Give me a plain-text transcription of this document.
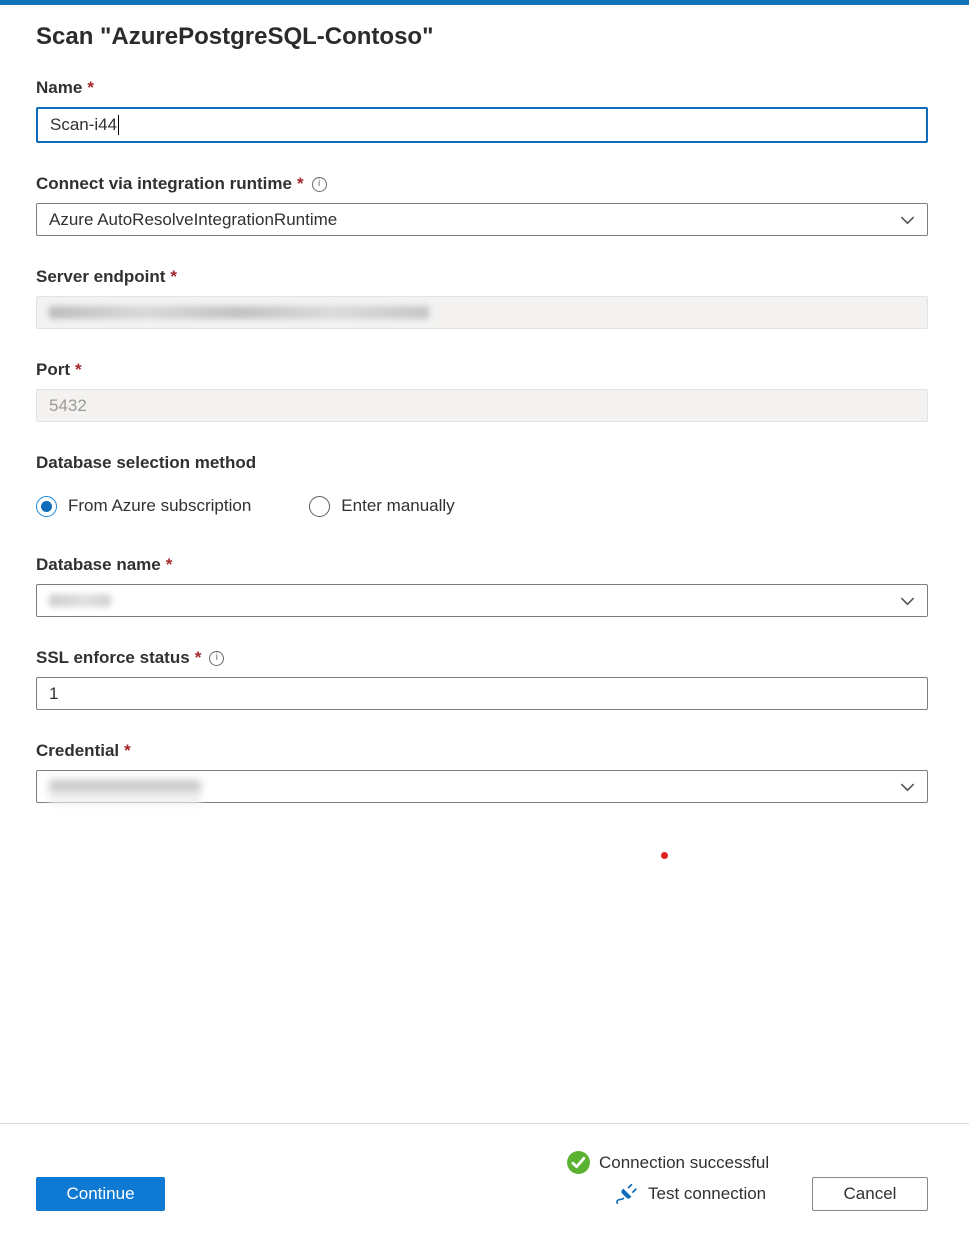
Scan "AzurePostgreSQL-Contoso"
Name *
Scan-i44
Connect via integration runtime *	i
Azure AutoResolveIntegrationRuntime
Server endpoint *
Port *
5432
Database selection method
From Azure subscription	Enter manually
Database name *
SSL enforce status *	i
1
Credential *
Connection successful
Test connection
Continue	Cancel
